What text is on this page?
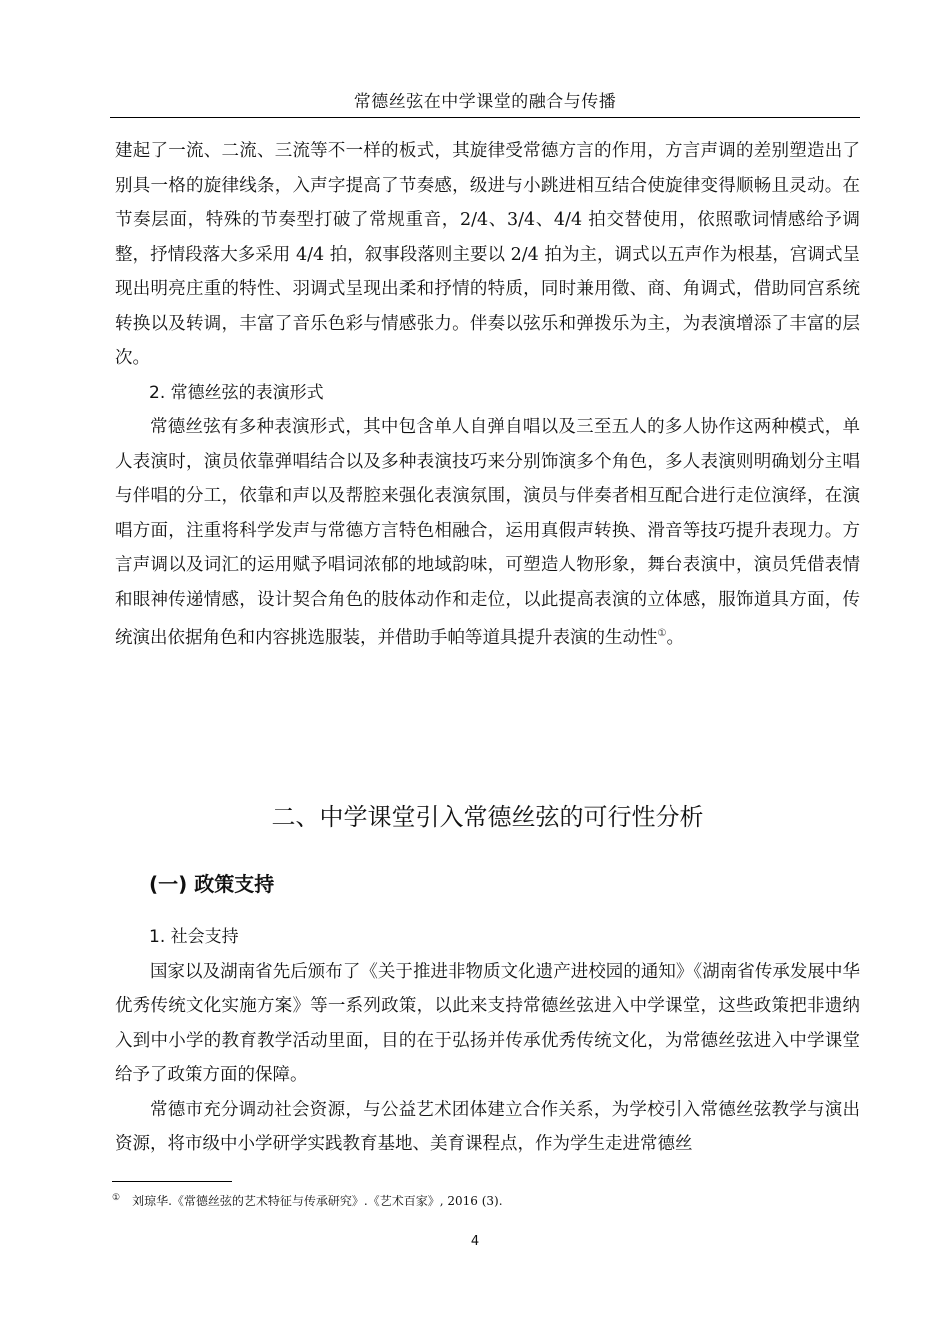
常德丝弦在中学课堂的融合与传播

建起了一流、二流、三流等不一样的板式，其旋律受常德方言的作用，方言声调的差别塑造出了别具一格的旋律线条，入声字提高了节奏感，级进与小跳进相互结合使旋律变得顺畅且灵动。在节奏层面，特殊的节奏型打破了常规重音，2/4、3/4、4/4 拍交替使用，依照歌词情感给予调整，抒情段落大多采用 4/4 拍，叙事段落则主要以 2/4 拍为主，调式以五声作为根基，宫调式呈现出明亮庄重的特性、羽调式呈现出柔和抒情的特质，同时兼用徵、商、角调式，借助同宫系统转换以及转调，丰富了音乐色彩与情感张力。伴奏以弦乐和弹拨乐为主，为表演增添了丰富的层次。

2. 常德丝弦的表演形式

常德丝弦有多种表演形式，其中包含单人自弹自唱以及三至五人的多人协作这两种模式，单人表演时，演员依靠弹唱结合以及多种表演技巧来分别饰演多个角色，多人表演则明确划分主唱与伴唱的分工，依靠和声以及帮腔来强化表演氛围，演员与伴奏者相互配合进行走位演绎，在演唱方面，注重将科学发声与常德方言特色相融合，运用真假声转换、滑音等技巧提升表现力。方言声调以及词汇的运用赋予唱词浓郁的地域韵味，可塑造人物形象，舞台表演中，演员凭借表情和眼神传递情感，设计契合角色的肢体动作和走位，以此提高表演的立体感，服饰道具方面，传统演出依据角色和内容挑选服装，并借助手帕等道具提升表演的生动性①。

二、中学课堂引入常德丝弦的可行性分析
(一) 政策支持

1. 社会支持

国家以及湖南省先后颁布了《关于推进非物质文化遗产进校园的通知》《湖南省传承发展中华优秀传统文化实施方案》等一系列政策，以此来支持常德丝弦进入中学课堂，这些政策把非遗纳入到中小学的教育教学活动里面，目的在于弘扬并传承优秀传统文化，为常德丝弦进入中学课堂给予了政策方面的保障。

常德市充分调动社会资源，与公益艺术团体建立合作关系，为学校引入常德丝弦教学与演出资源，将市级中小学研学实践教育基地、美育课程点，作为学生走进常德丝

① 刘琼华.《常德丝弦的艺术特征与传承研究》.《艺术百家》, 2016 (3).
4
